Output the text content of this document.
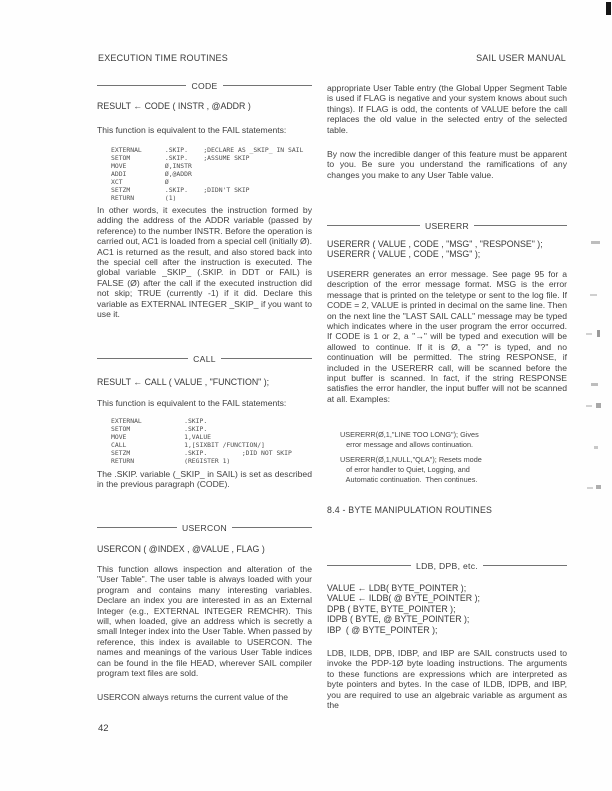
EXECUTION TIME ROUTINES	SAIL USER MANUAL
CODE
RESULT ← CODE ( INSTR , @ADDR )
This function is equivalent to the FAIL statements:
EXTERNAL      .SKIP.    ;DECLARE AS _SKIP_ IN SAIL
SETOM         .SKIP.    ;ASSUME SKIP
MOVE          Ø,INSTR
ADDI          Ø,@ADDR
XCT           Ø
SETZM         .SKIP.    ;DIDN'T SKIP
RETURN        (1)
In other words, it executes the instruction formed by adding the address of the ADDR variable (passed by reference) to the number INSTR. Before the operation is carried out, AC1 is loaded from a special cell (initially Ø). AC1 is returned as the result, and also stored back into the special cell after the instruction is executed. The global variable _SKIP_ (.SKIP. in DDT or FAIL) is FALSE (Ø) after the call if the executed instruction did not skip; TRUE (currently -1) if it did. Declare this variable as EXTERNAL INTEGER _SKIP_ if you want to use it.
CALL
RESULT ← CALL ( VALUE , "FUNCTION" );
This function is equivalent to the FAIL statements:
EXTERNAL           .SKIP.
SETOM              .SKIP.
MOVE               1,VALUE
CALL               1,[SIXBIT /FUNCTION/]
SETZM              .SKIP.         ;DID NOT SKIP
RETURN             (REGISTER 1)
The .SKIP. variable (_SKIP_ in SAIL) is set as described in the previous paragraph (CODE).
USERCON
USERCON ( @INDEX , @VALUE , FLAG )
This function allows inspection and alteration of the "User Table". The user table is always loaded with your program and contains many interesting variables. Declare an index you are interested in as an External Integer (e.g., EXTERNAL INTEGER REMCHR). This will, when loaded, give an address which is secretly a small Integer index into the User Table. When passed by reference, this index is available to USERCON. The names and meanings of the various User Table indices can be found in the file HEAD, wherever SAIL compiler program text files are sold.
USERCON always returns the current value of the
appropriate User Table entry (the Global Upper Segment Table is used if FLAG is negative and your system knows about such things). If FLAG is odd, the contents of VALUE before the call replaces the old value in the selected entry of the selected table.
By now the incredible danger of this feature must be apparent to you. Be sure you understand the ramifications of any changes you make to any User Table value.
USERERR
USERERR ( VALUE , CODE , "MSG" , "RESPONSE" );
USERERR ( VALUE , CODE , "MSG" );
USERERR generates an error message. See page 95 for a description of the error message format. MSG is the error message that is printed on the teletype or sent to the log file. If CODE = 2, VALUE is printed in decimal on the same line. Then on the next line the "LAST SAIL CALL" message may be typed which indicates where in the user program the error occurred. If CODE is 1 or 2, a "→" will be typed and execution will be allowed to continue. If it is Ø, a "?" is typed, and no continuation will be permitted. The string RESPONSE, if included in the USERERR call, will be scanned before the input buffer is scanned. In fact, if the string RESPONSE satisfies the error handler, the input buffer will not be scanned at all. Examples:
USERERR(Ø,1,"LINE TOO LONG"); Gives
error message and allows continuation.
USERERR(Ø,1,NULL,"QLA"); Resets mode
of error handler to Quiet, Logging, and
Automatic continuation.  Then continues.
8.4 - BYTE MANIPULATION ROUTINES
LDB, DPB, etc.
VALUE ← LDB( BYTE_POINTER );
VALUE ← ILDB( @ BYTE_POINTER );
DPB ( BYTE, BYTE_POINTER );
IDPB ( BYTE, @ BYTE_POINTER );
IBP  ( @ BYTE_POINTER );
LDB, ILDB, DPB, IDBP, and IBP are SAIL constructs used to invoke the PDP-1Ø byte loading instructions. The arguments to these functions are expressions which are interpreted as byte pointers and bytes. In the case of ILDB, IDPB, and IBP, you are required to use an algebraic variable as argument as the
42
